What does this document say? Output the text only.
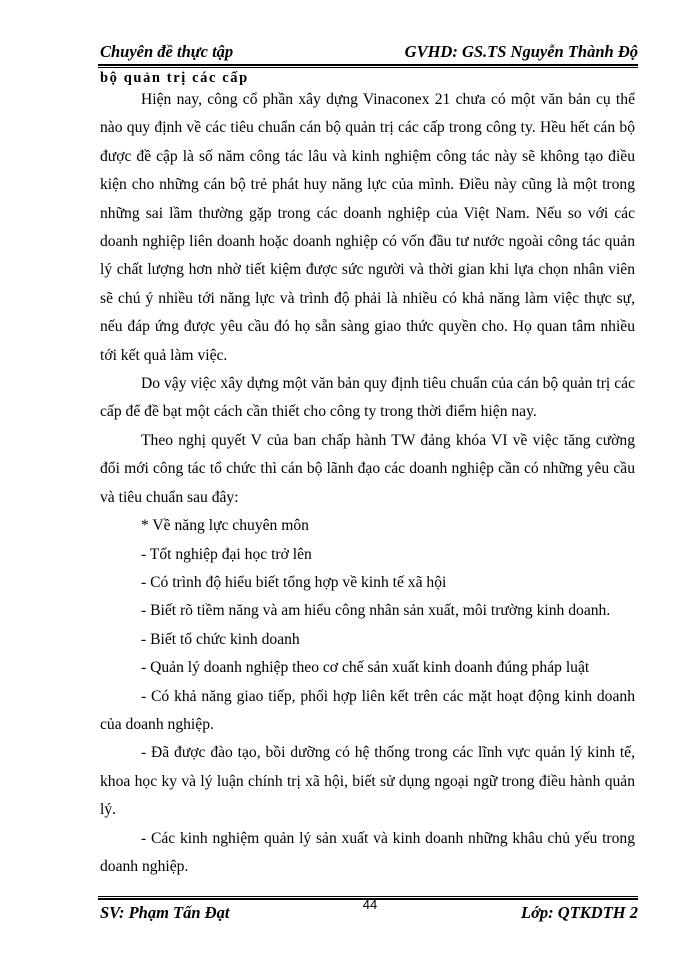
Chuyên đề thực tập	GVHD: GS.TS Nguyễn Thành Độ
bộ quản trị các cấp

Hiện nay, công cổ phần xây dựng Vinaconex 21 chưa có một văn bản cụ thể nào quy định về các tiêu chuẩn cán bộ quản trị các cấp trong công ty. Hều hết cán bộ được đề cập là số năm công tác lâu và kinh nghiệm công tác này sẽ không tạo điều kiện cho những cán bộ trẻ phát huy năng lực của mình. Điều này cũng là một trong những sai lầm thường gặp trong các doanh nghiệp của Việt Nam. Nếu so với các doanh nghiệp liên doanh hoặc doanh nghiệp có vốn đầu tư nước ngoài công tác quản lý chất lượng hơn nhờ tiết kiệm được sức người và thời gian khi lựa chọn nhân viên sẽ chú ý nhiều tới năng lực và trình độ phải là nhiều có khả năng làm việc thực sự, nếu đáp ứng được yêu cầu đó họ sẵn sàng giao thức quyền cho. Họ quan tâm nhiều tới kết quả làm việc.

Do vậy việc xây dựng một văn bản quy định tiêu chuẩn của cán bộ quản trị các cấp để đề bạt một cách cần thiết cho công ty trong thời điểm hiện nay.

Theo nghị quyết V của ban chấp hành TW đảng khóa VI về việc tăng cường đổi mới công tác tổ chức thì cán bộ lãnh đạo các doanh nghiệp cần có những yêu cầu và tiêu chuẩn sau đây:

* Về năng lực chuyên môn

- Tốt nghiệp đại học trở lên

- Có trình độ hiểu biết tổng hợp về kinh tế xã hội

- Biết rõ tiềm năng và am hiểu công nhân sản xuất, môi trường kinh doanh.

- Biết tổ chức kinh doanh

- Quản lý doanh nghiệp theo cơ chế sản xuất kinh doanh đúng pháp luật

- Có khả năng giao tiếp, phối hợp liên kết trên các mặt hoạt động kinh doanh của doanh nghiệp.

- Đã được đào tạo, bồi dưỡng có hệ thống trong các lĩnh vực quản lý kinh tế, khoa học ky và lý luận chính trị xã hội, biết sử dụng ngoại ngữ trong điều hành quản lý.

- Các kinh nghiệm quản lý sản xuất và kinh doanh những khâu chủ yếu trong doanh nghiệp.

SV: Phạm Tấn Đạt	Lớp: QTKDTH 2
44
